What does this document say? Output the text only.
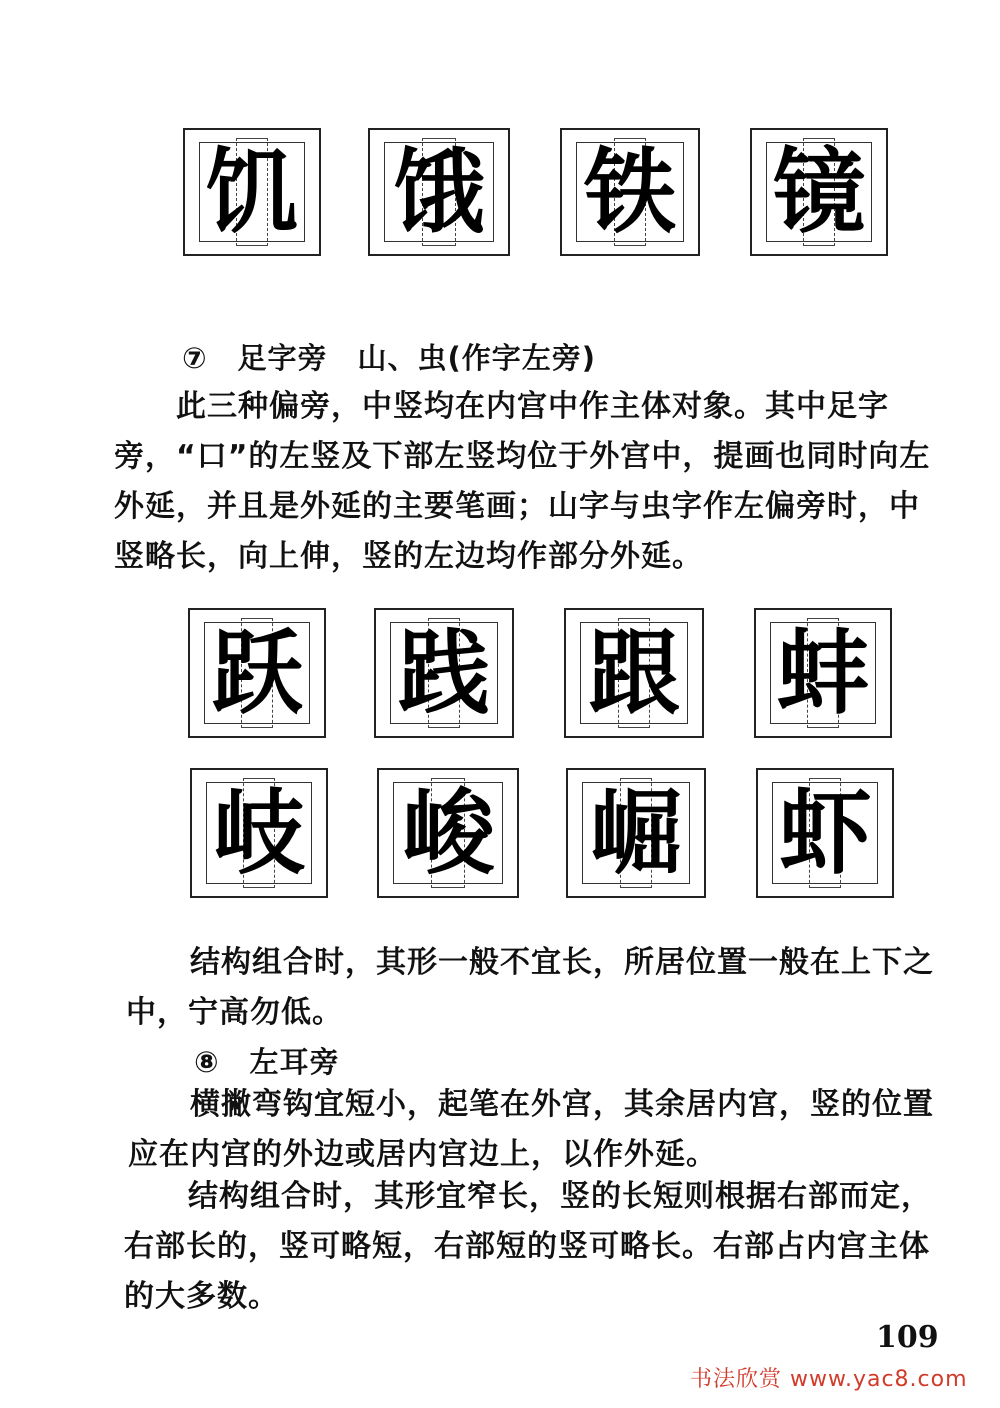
饥 饿 铁 镜
⑦　足字旁　山、虫(作字左旁)
此三种偏旁，中竖均在内宫中作主体对象。其中足字
旁，“口”的左竖及下部左竖均位于外宫中，提画也同时向左
外延，并且是外延的主要笔画；山字与虫字作左偏旁时，中
竖略长，向上伸，竖的左边均作部分外延。
跃 践 跟 蚌
岐 峻 崛 虾
结构组合时，其形一般不宜长，所居位置一般在上下之
中，宁高勿低。
⑧　左耳旁
横撇弯钩宜短小，起笔在外宫，其余居内宫，竖的位置
应在内宫的外边或居内宫边上，以作外延。
结构组合时，其形宜窄长，竖的长短则根据右部而定，
右部长的，竖可略短，右部短的竖可略长。右部占内宫主体
的大多数。
109
书法欣赏 www.yac8.com
